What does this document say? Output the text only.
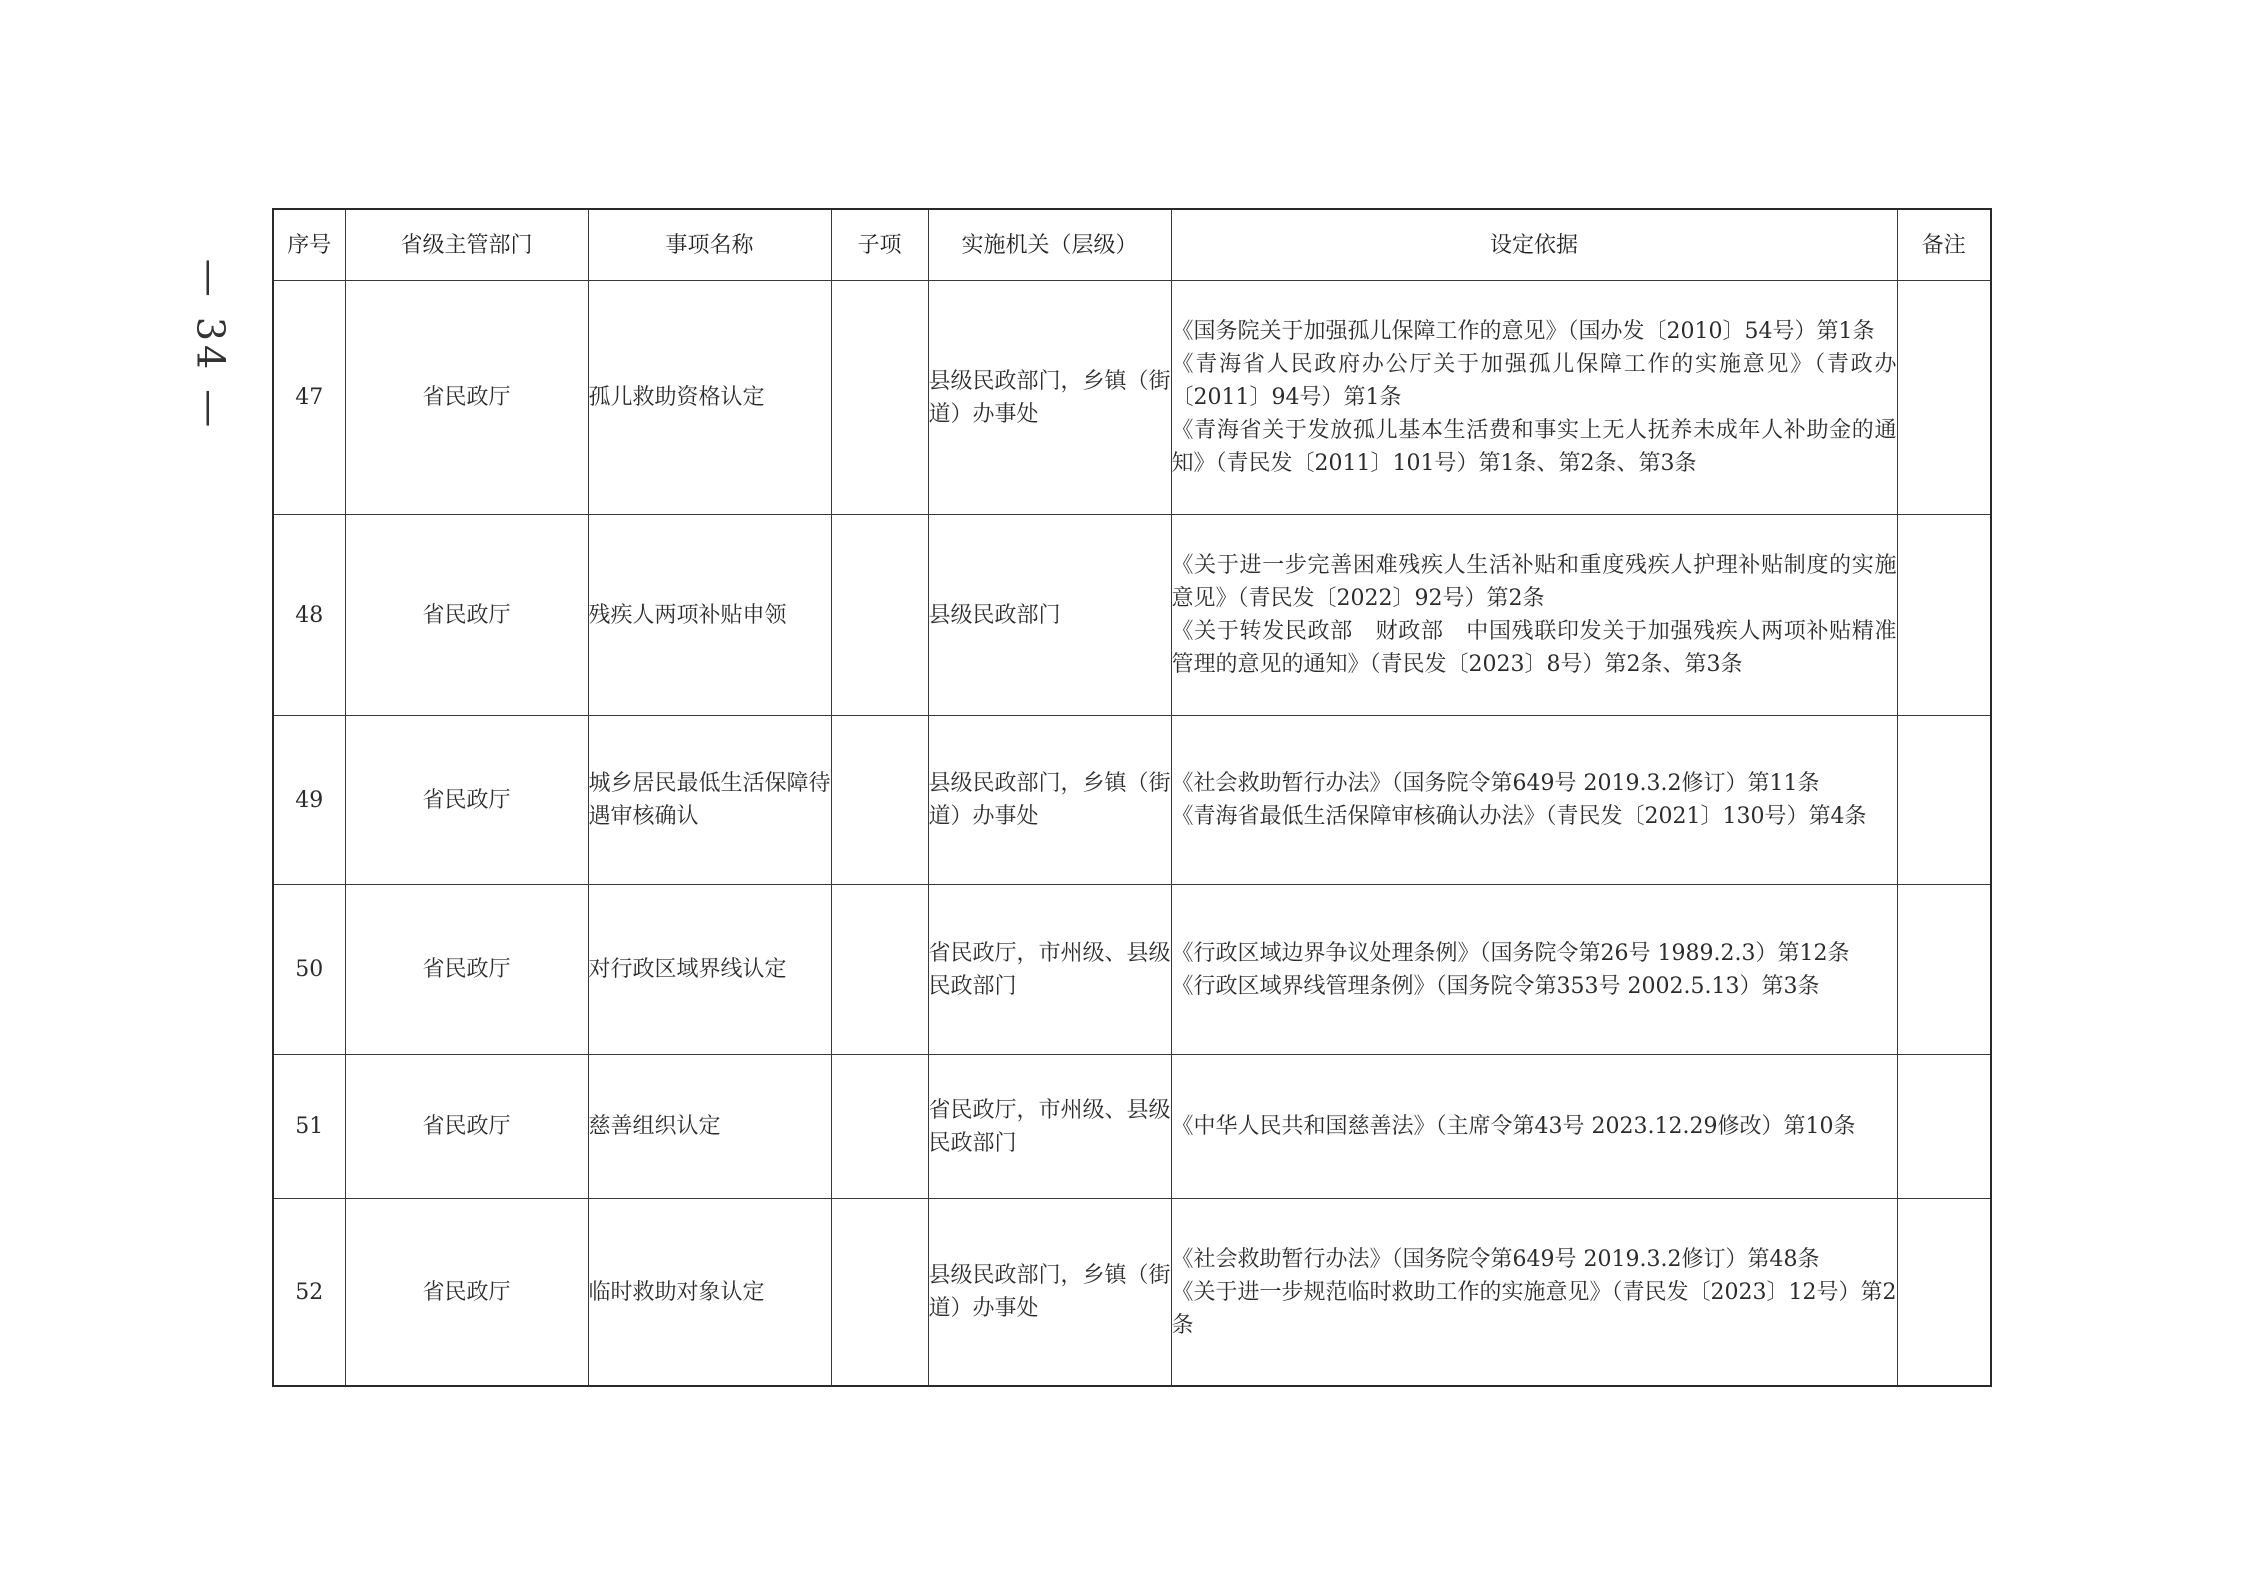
— 34 —
序号	省级主管部门	事项名称	子项	实施机关（层级）	设定依据	备注
47	省民政厅	孤儿救助资格认定		县级民政部门，乡镇（街道）办事处	《国务院关于加强孤儿保障工作的意见》（国办发〔2010〕54号）第1条
《青海省人民政府办公厅关于加强孤儿保障工作的实施意见》（青政办〔2011〕94号）第1条
《青海省关于发放孤儿基本生活费和事实上无人抚养未成年人补助金的通知》（青民发〔2011〕101号）第1条、第2条、第3条	

48	省民政厅	残疾人两项补贴申领		县级民政部门	《关于进一步完善困难残疾人生活补贴和重度残疾人护理补贴制度的实施意见》（青民发〔2022〕92号）第2条
《关于转发民政部　财政部　中国残联印发关于加强残疾人两项补贴精准管理的意见的通知》（青民发〔2023〕8号）第2条、第3条	

49	省民政厅	城乡居民最低生活保障待遇审核确认		县级民政部门，乡镇（街道）办事处	《社会救助暂行办法》（国务院令第649号 2019.3.2修订）第11条
《青海省最低生活保障审核确认办法》（青民发〔2021〕130号）第4条	

50	省民政厅	对行政区域界线认定		省民政厅，市州级、县级民政部门	《行政区域边界争议处理条例》（国务院令第26号 1989.2.3）第12条
《行政区域界线管理条例》（国务院令第353号 2002.5.13）第3条	

51	省民政厅	慈善组织认定		省民政厅，市州级、县级民政部门	《中华人民共和国慈善法》（主席令第43号 2023.12.29修改）第10条	

52	省民政厅	临时救助对象认定		县级民政部门，乡镇（街道）办事处	《社会救助暂行办法》（国务院令第649号 2019.3.2修订）第48条
《关于进一步规范临时救助工作的实施意见》（青民发〔2023〕12号）第2条	
